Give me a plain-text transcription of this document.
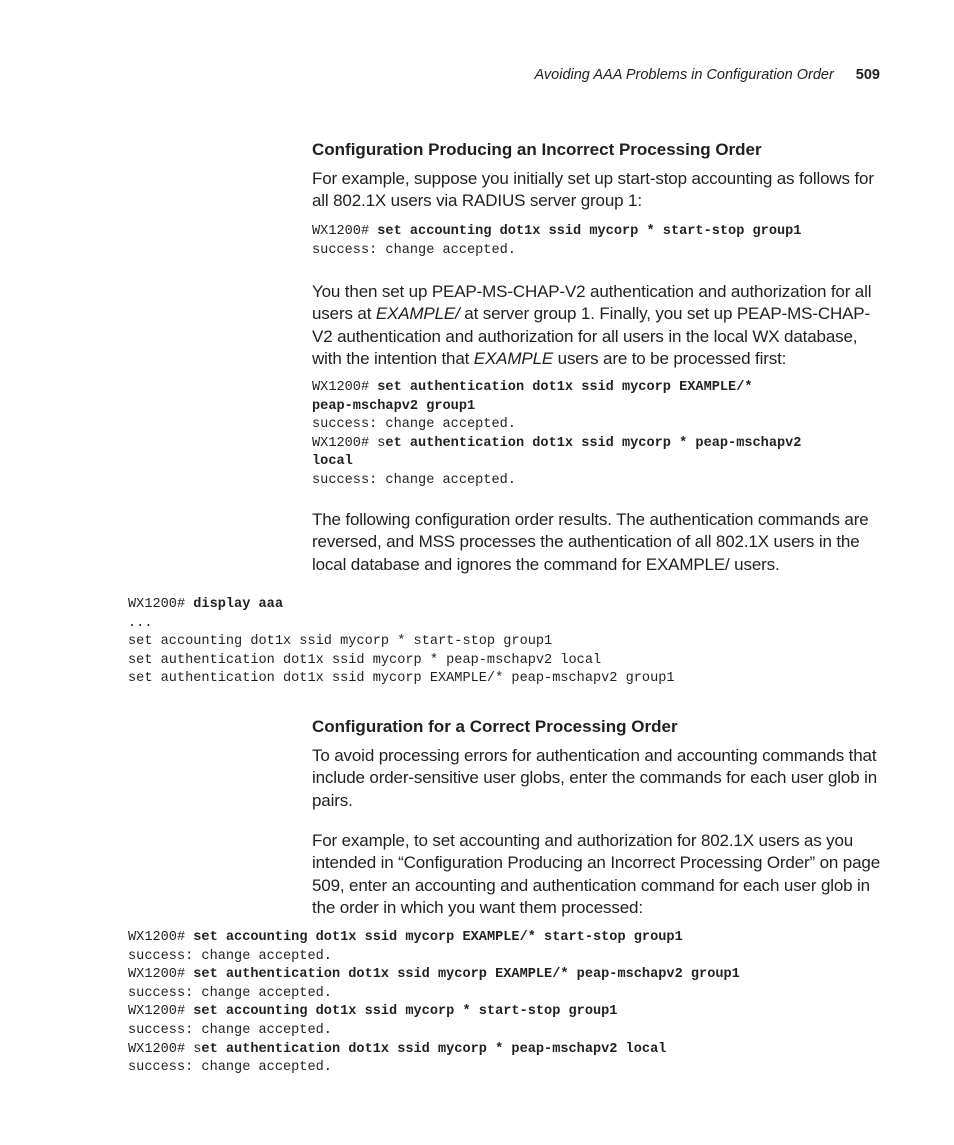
Avoiding AAA Problems in Configuration Order 509
Configuration Producing an Incorrect Processing Order

For example, suppose you initially set up start-stop accounting as follows for all 802.1X users via RADIUS server group 1:

WX1200# set accounting dot1x ssid mycorp * start-stop group1
success: change accepted.

You then set up PEAP-MS-CHAP-V2 authentication and authorization for all users at EXAMPLE/ at server group 1. Finally, you set up PEAP-MS-CHAP-V2 authentication and authorization for all users in the local WX database, with the intention that EXAMPLE users are to be processed first:

WX1200# set authentication dot1x ssid mycorp EXAMPLE/*
peap-mschapv2 group1
success: change accepted.
WX1200# set authentication dot1x ssid mycorp * peap-mschapv2
local
success: change accepted.

The following configuration order results. The authentication commands are reversed, and MSS processes the authentication of all 802.1X users in the local database and ignores the command for EXAMPLE/ users.

WX1200# display aaa
...
set accounting dot1x ssid mycorp * start-stop group1
set authentication dot1x ssid mycorp * peap-mschapv2 local
set authentication dot1x ssid mycorp EXAMPLE/* peap-mschapv2 group1
Configuration for a Correct Processing Order

To avoid processing errors for authentication and accounting commands that include order-sensitive user globs, enter the commands for each user glob in pairs.

For example, to set accounting and authorization for 802.1X users as you intended in “Configuration Producing an Incorrect Processing Order” on page 509, enter an accounting and authentication command for each user glob in the order in which you want them processed:

WX1200# set accounting dot1x ssid mycorp EXAMPLE/* start-stop group1
success: change accepted.
WX1200# set authentication dot1x ssid mycorp EXAMPLE/* peap-mschapv2 group1
success: change accepted.
WX1200# set accounting dot1x ssid mycorp * start-stop group1
success: change accepted.
WX1200# set authentication dot1x ssid mycorp * peap-mschapv2 local
success: change accepted.
